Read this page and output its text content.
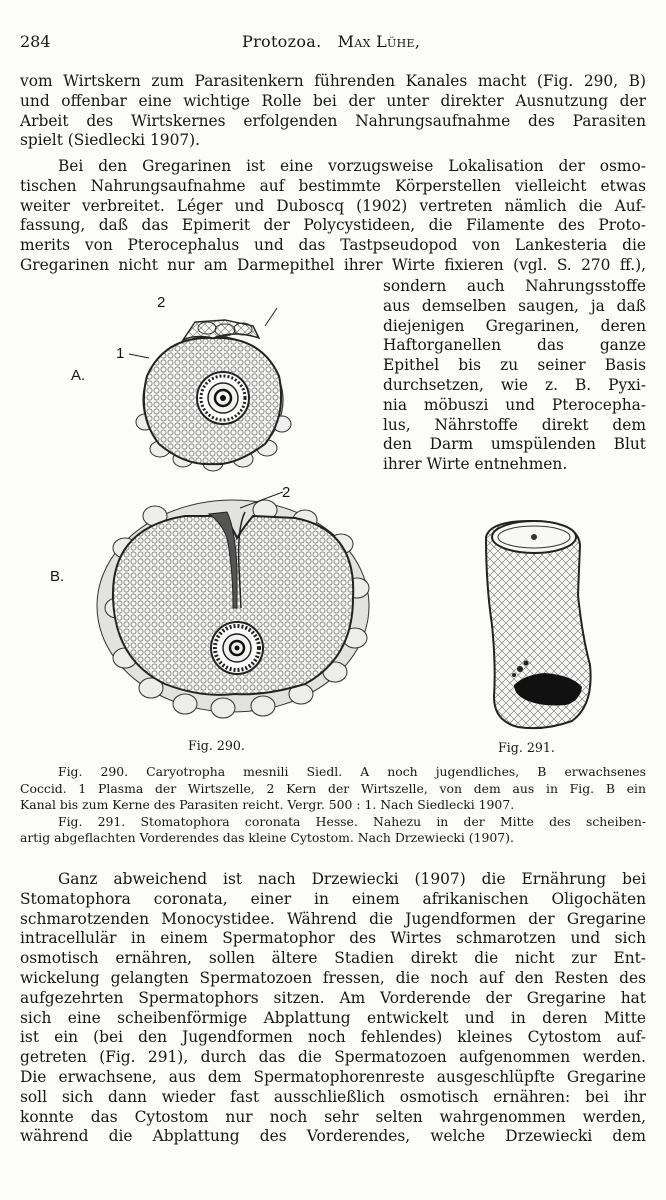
284	Protozoa. Max Lühe,
vom Wirtskern zum Parasitenkern führenden Kanales macht (Fig. 290, B)
und offenbar eine wichtige Rolle bei der unter direkter Ausnutzung der
Arbeit des Wirtskernes erfolgenden Nahrungsaufnahme des Parasiten
spielt (Siedlecki 1907).
Bei den Gregarinen ist eine vorzugsweise Lokalisation der osmo-
tischen Nahrungsaufnahme auf bestimmte Körperstellen vielleicht etwas
weiter verbreitet. Léger und Duboscq (1902) vertreten nämlich die Auf-
fassung, daß das Epimerit der Polycystideen, die Filamente des Proto-
merits von Pterocephalus und das Tastpseudopod von Lankesteria die
Gregarinen nicht nur am Darmepithel ihrer Wirte fixieren (vgl. S. 270 ff.),
sondern auch Nahrungsstoffe
aus demselben saugen, ja daß
diejenigen Gregarinen, deren
Haftorganellen das ganze
Epithel bis zu seiner Basis
durchsetzen, wie z. B. Pyxi-
nia möbuszi und Pterocepha-
lus, Nährstoffe direkt dem
den Darm umspülenden Blut
ihrer Wirte entnehmen.
2
1
A.
2
B.
Fig. 290.	Fig. 291.
Fig. 290. Caryotropha mesnili Siedl. A noch jugendliches, B erwachsenes
Coccid. 1 Plasma der Wirtszelle, 2 Kern der Wirtszelle, von dem aus in Fig. B ein
Kanal bis zum Kerne des Parasiten reicht. Vergr. 500 : 1. Nach Siedlecki 1907.
Fig. 291. Stomatophora coronata Hesse. Nahezu in der Mitte des scheiben-
artig abgeflachten Vorderendes das kleine Cytostom. Nach Drzewiecki (1907).
Ganz abweichend ist nach Drzewiecki (1907) die Ernährung bei
Stomatophora coronata, einer in einem afrikanischen Oligochäten
schmarotzenden Monocystidee. Während die Jugendformen der Gregarine
intracellulär in einem Spermatophor des Wirtes schmarotzen und sich
osmotisch ernähren, sollen ältere Stadien direkt die nicht zur Ent-
wickelung gelangten Spermatozoen fressen, die noch auf den Resten des
aufgezehrten Spermatophors sitzen. Am Vorderende der Gregarine hat
sich eine scheibenförmige Abplattung entwickelt und in deren Mitte
ist ein (bei den Jugendformen noch fehlendes) kleines Cytostom auf-
getreten (Fig. 291), durch das die Spermatozoen aufgenommen werden.
Die erwachsene, aus dem Spermatophorenreste ausgeschlüpfte Gregarine
soll sich dann wieder fast ausschließlich osmotisch ernähren: bei ihr
konnte das Cytostom nur noch sehr selten wahrgenommen werden,
während die Abplattung des Vorderendes, welche Drzewiecki dem
